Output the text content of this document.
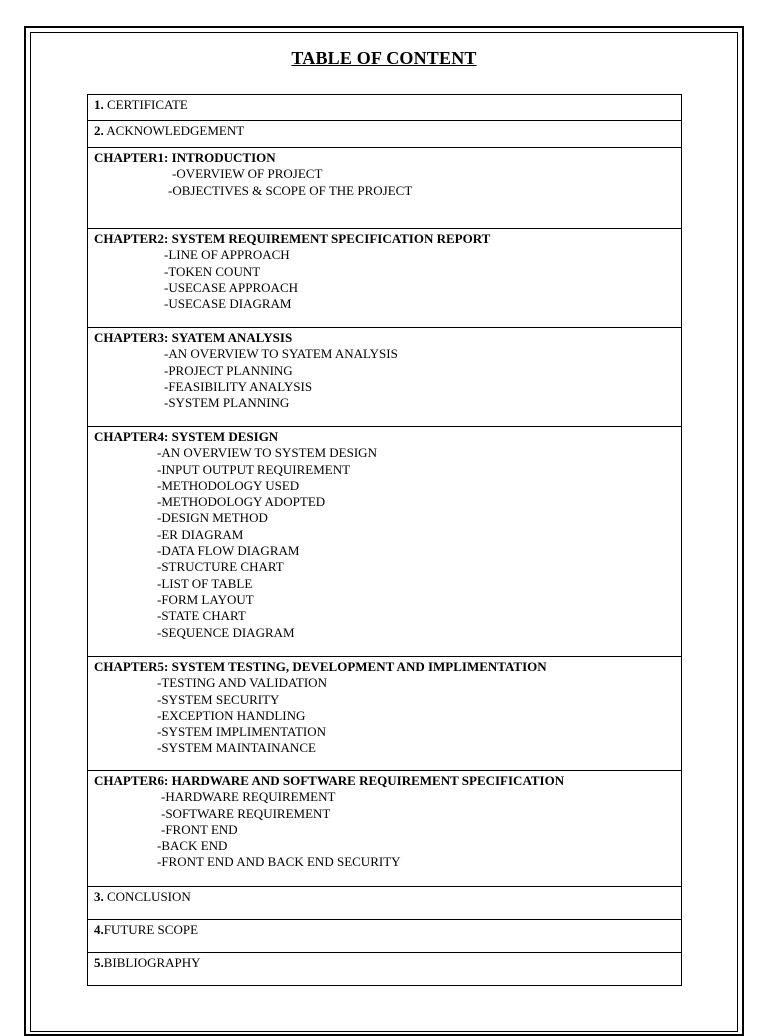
TABLE OF CONTENT
1. CERTIFICATE
2. ACKNOWLEDGEMENT
CHAPTER1: INTRODUCTION
-OVERVIEW OF PROJECT
-OBJECTIVES & SCOPE OF THE PROJECT
CHAPTER2: SYSTEM REQUIREMENT SPECIFICATION REPORT
-LINE OF APPROACH
-TOKEN COUNT
-USECASE APPROACH
-USECASE DIAGRAM
CHAPTER3: SYATEM ANALYSIS
-AN OVERVIEW TO SYATEM ANALYSIS
-PROJECT PLANNING
-FEASIBILITY ANALYSIS
-SYSTEM PLANNING
CHAPTER4: SYSTEM DESIGN
-AN OVERVIEW TO SYSTEM DESIGN
-INPUT OUTPUT REQUIREMENT
-METHODOLOGY USED
-METHODOLOGY ADOPTED
-DESIGN METHOD
-ER DIAGRAM
-DATA FLOW DIAGRAM
-STRUCTURE CHART
-LIST OF TABLE
-FORM LAYOUT
-STATE CHART
-SEQUENCE DIAGRAM
CHAPTER5: SYSTEM TESTING, DEVELOPMENT AND IMPLIMENTATION
-TESTING AND VALIDATION
-SYSTEM SECURITY
-EXCEPTION HANDLING
-SYSTEM IMPLIMENTATION
-SYSTEM MAINTAINANCE
CHAPTER6: HARDWARE AND SOFTWARE REQUIREMENT SPECIFICATION
-HARDWARE REQUIREMENT
-SOFTWARE REQUIREMENT
-FRONT END
-BACK END
-FRONT END AND BACK END SECURITY
3. CONCLUSION
4.FUTURE SCOPE
5.BIBLIOGRAPHY
